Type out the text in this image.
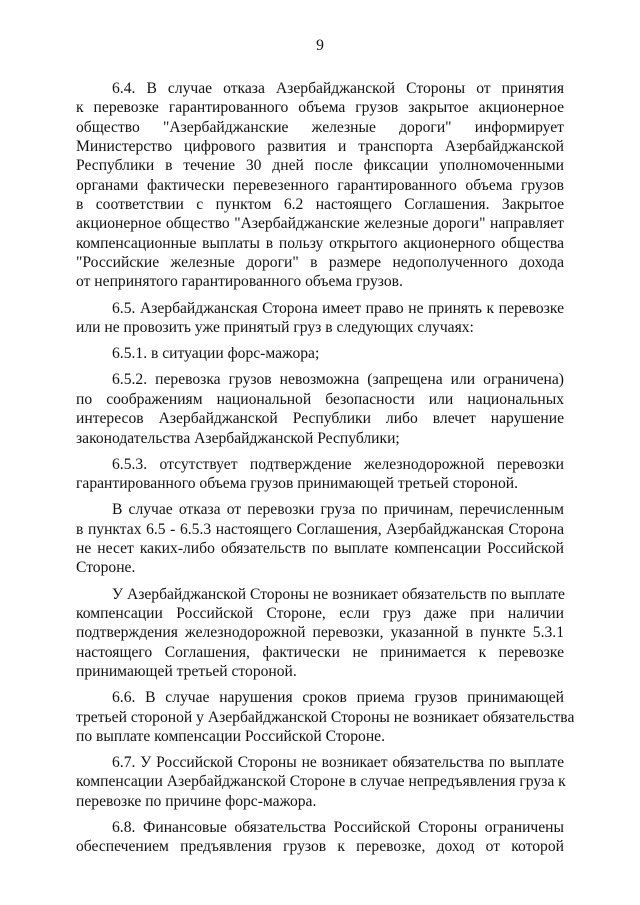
9
6.4. В случае отказа Азербайджанской Стороны от принятия
к перевозке гарантированного объема грузов закрытое акционерное
общество "Азербайджанские железные дороги" информирует
Министерство цифрового развития и транспорта Азербайджанской
Республики в течение 30 дней после фиксации уполномоченными
органами фактически перевезенного гарантированного объема грузов
в соответствии с пунктом 6.2 настоящего Соглашения. Закрытое
акционерное общество "Азербайджанские железные дороги" направляет
компенсационные выплаты в пользу открытого акционерного общества
"Российские железные дороги" в размере недополученного дохода
от непринятого гарантированного объема грузов.
6.5. Азербайджанская Сторона имеет право не принять к перевозке
или не провозить уже принятый груз в следующих случаях:
6.5.1. в ситуации форс-мажора;
6.5.2. перевозка грузов невозможна (запрещена или ограничена)
по соображениям национальной безопасности или национальных
интересов Азербайджанской Республики либо влечет нарушение
законодательства Азербайджанской Республики;
6.5.3. отсутствует подтверждение железнодорожной перевозки
гарантированного объема грузов принимающей третьей стороной.
В случае отказа от перевозки груза по причинам, перечисленным
в пунктах 6.5 - 6.5.3 настоящего Соглашения, Азербайджанская Сторона
не несет каких-либо обязательств по выплате компенсации Российской
Стороне.
У Азербайджанской Стороны не возникает обязательств по выплате
компенсации Российской Стороне, если груз даже при наличии
подтверждения железнодорожной перевозки, указанной в пункте 5.3.1
настоящего Соглашения, фактически не принимается к перевозке
принимающей третьей стороной.
6.6. В случае нарушения сроков приема грузов принимающей
третьей стороной у Азербайджанской Стороны не возникает обязательства
по выплате компенсации Российской Стороне.
6.7. У Российской Стороны не возникает обязательства по выплате
компенсации Азербайджанской Стороне в случае непредъявления груза к
перевозке по причине форс-мажора.
6.8. Финансовые обязательства Российской Стороны ограничены
обеспечением предъявления грузов к перевозке, доход от которой
